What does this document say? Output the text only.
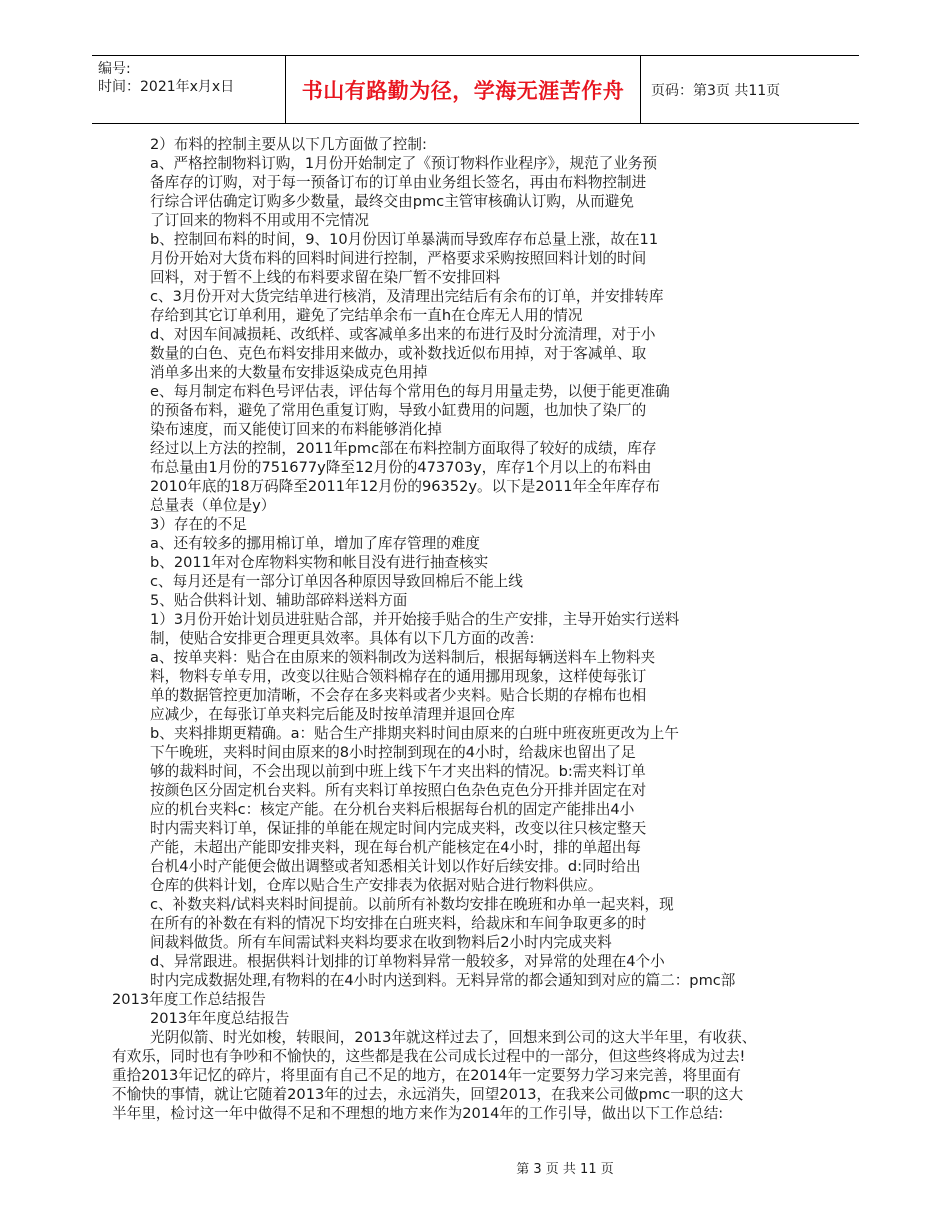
编号:
时间：2021年x月x日	书山有路勤为径，学海无涯苦作舟	页码：第3页 共11页
2）布料的控制主要从以下几方面做了控制:
a、严格控制物料订购，1月份开始制定了《预订物料作业程序》，规范了业务预
备库存的订购，对于每一预备订布的订单由业务组长签名，再由布料物控制进
行综合评估确定订购多少数量，最终交由pmc主管审核确认订购，从而避免
了订回来的物料不用或用不完情况
b、控制回布料的时间，9、10月份因订单暴满而导致库存布总量上涨，故在11
月份开始对大货布料的回料时间进行控制，严格要求采购按照回料计划的时间
回料，对于暂不上线的布料要求留在染厂暂不安排回料
c、3月份开对大货完结单进行核消，及清理出完结后有余布的订单，并安排转库
存给到其它订单利用，避免了完结单余布一直h在仓库无人用的情况
d、对因车间减损耗、改纸样、或客减单多出来的布进行及时分流清理，对于小
数量的白色、克色布料安排用来做办，或补数找近似布用掉，对于客减单、取
消单多出来的大数量布安排返染成克色用掉
e、每月制定布料色号评估表，评估每个常用色的每月用量走势，以便于能更准确
的预备布料，避免了常用色重复订购，导致小缸费用的问题，也加快了染厂的
染布速度，而又能使订回来的布料能够消化掉
经过以上方法的控制，2011年pmc部在布料控制方面取得了较好的成绩，库存
布总量由1月份的751677y降至12月份的473703y，库存1个月以上的布料由
2010年底的18万码降至2011年12月份的96352y。以下是2011年全年库存布
总量表（单位是y）
3）存在的不足
a、还有较多的挪用棉订单，增加了库存管理的难度
b、2011年对仓库物料实物和帐目没有进行抽查核实
c、每月还是有一部分订单因各种原因导致回棉后不能上线
5、贴合供料计划、辅助部碎料送料方面
1）3月份开始计划员进驻贴合部，并开始接手贴合的生产安排，主导开始实行送料
制，使贴合安排更合理更具效率。具体有以下几方面的改善:
a、按单夹料：贴合在由原来的领料制改为送料制后，根据每辆送料车上物料夹
料，物料专单专用，改变以往贴合领料棉存在的通用挪用现象，这样使每张订
单的数据管控更加清晰，不会存在多夹料或者少夹料。贴合长期的存棉布也相
应减少，在每张订单夹料完后能及时按单清理并退回仓库
b、夹料排期更精确。a：贴合生产排期夹料时间由原来的白班中班夜班更改为上午
下午晚班，夹料时间由原来的8小时控制到现在的4小时，给裁床也留出了足
够的裁料时间，不会出现以前到中班上线下午才夹出料的情况。b:需夹料订单
按颜色区分固定机台夹料。所有夹料订单按照白色杂色克色分开排并固定在对
应的机台夹料c：核定产能。在分机台夹料后根据每台机的固定产能排出4小
时内需夹料订单，保证排的单能在规定时间内完成夹料，改变以往只核定整天
产能，未超出产能即安排夹料，现在每台机产能核定在4小时，排的单超出每
台机4小时产能便会做出调整或者知悉相关计划以作好后续安排。d:同时给出
仓库的供料计划，仓库以贴合生产安排表为依据对贴合进行物料供应。
c、补数夹料/试料夹料时间提前。以前所有补数均安排在晚班和办单一起夹料，现
在所有的补数在有料的情况下均安排在白班夹料，给裁床和车间争取更多的时
间裁料做货。所有车间需试料夹料均要求在收到物料后2小时内完成夹料
d、异常跟进。根据供料计划排的订单物料异常一般较多，对异常的处理在4个小
时内完成数据处理,有物料的在4小时内送到料。无料异常的都会通知到对应的篇二：pmc部
2013年度工作总结报告
2013年年度总结报告
光阴似箭、时光如梭，转眼间，2013年就这样过去了，回想来到公司的这大半年里，有收获、
有欢乐，同时也有争吵和不愉快的，这些都是我在公司成长过程中的一部分，但这些终将成为过去!
重拾2013年记忆的碎片，将里面有自己不足的地方，在2014年一定要努力学习来完善，将里面有
不愉快的事情，就让它随着2013年的过去，永远消失，回望2013，在我来公司做pmc一职的这大
半年里，检讨这一年中做得不足和不理想的地方来作为2014年的工作引导，做出以下工作总结:
第 3 页 共 11 页
